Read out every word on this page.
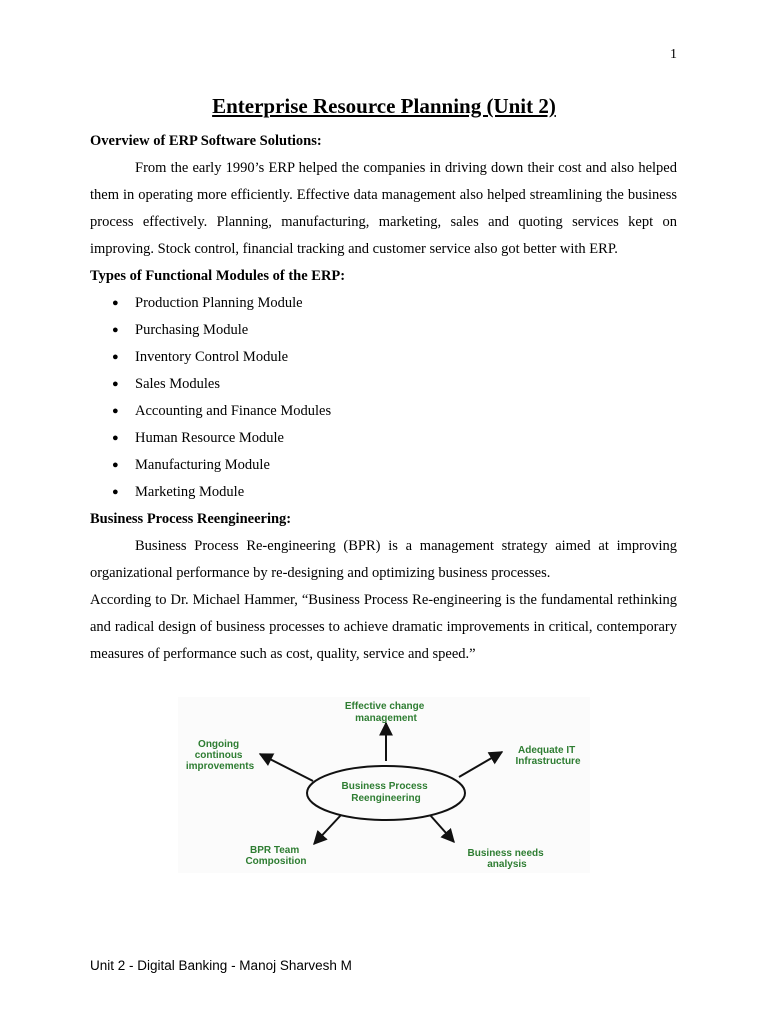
1
Enterprise Resource Planning (Unit 2)

Overview of ERP Software Solutions:

From the early 1990’s ERP helped the companies in driving down their cost and also helped them in operating more efficiently. Effective data management also helped streamlining the business process effectively. Planning, manufacturing, marketing, sales and quoting services kept on improving. Stock control, financial tracking and customer service also got better with ERP.

Types of Functional Modules of the ERP:

● Production Planning Module
● Purchasing Module
● Inventory Control Module
● Sales Modules
● Accounting and Finance Modules
● Human Resource Module
● Manufacturing Module
● Marketing Module

Business Process Reengineering:

Business Process Re-engineering (BPR) is a management strategy aimed at improving organizational performance by re-designing and optimizing business processes.

According to Dr. Michael Hammer, “Business Process Re-engineering is the fundamental rethinking and radical design of business processes to achieve dramatic improvements in critical, contemporary measures of performance such as cost, quality, service and speed.”

Business Process Reengineering
Effective change management
Ongoing continous improvements
Adequate IT Infrastructure
BPR Team Composition
Business needs analysis
Unit 2 - Digital Banking - Manoj Sharvesh M
